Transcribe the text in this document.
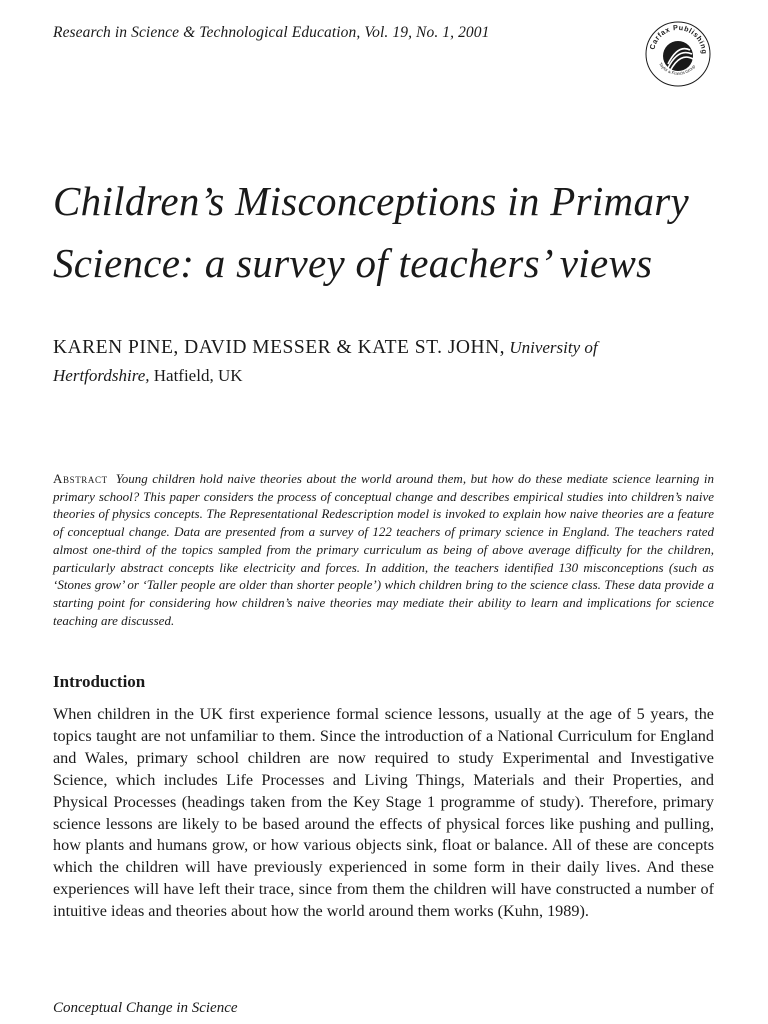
Research in Science & Technological Education, Vol. 19, No. 1, 2001
Carfax Publishing
Taylor & Francis Group
Children’s Misconceptions in Primary
Science: a survey of teachers’ views
KAREN PINE, DAVID MESSER & KATE ST. JOHN, University of
Hertfordshire, Hatfield, UK
Abstract Young children hold naive theories about the world around them, but how do these mediate science learning in primary school? This paper considers the process of conceptual change and describes empirical studies into children’s naive theories of physics concepts. The Representational Redescription model is invoked to explain how naive theories are a feature of conceptual change. Data are presented from a survey of 122 teachers of primary science in England. The teachers rated almost one-third of the topics sampled from the primary curriculum as being of above average difficulty for the children, particularly abstract concepts like electricity and forces. In addition, the teachers identified 130 misconceptions (such as ‘Stones grow’ or ‘Taller people are older than shorter people’) which children bring to the science class. These data provide a starting point for considering how children’s naive theories may mediate their ability to learn and implications for science teaching are discussed.
Introduction
When children in the UK first experience formal science lessons, usually at the age of 5 years, the topics taught are not unfamiliar to them. Since the introduction of a National Curriculum for England and Wales, primary school children are now required to study Experimental and Investigative Science, which includes Life Processes and Living Things, Materials and their Properties, and Physical Processes (headings taken from the Key Stage 1 programme of study). Therefore, primary science lessons are likely to be based around the effects of physical forces like pushing and pulling, how plants and humans grow, or how various objects sink, float or balance. All of these are concepts which the children will have previously experienced in some form in their daily lives. And these experiences will have left their trace, since from them the children will have constructed a number of intuitive ideas and theories about how the world around them works (Kuhn, 1989).
Conceptual Change in Science
